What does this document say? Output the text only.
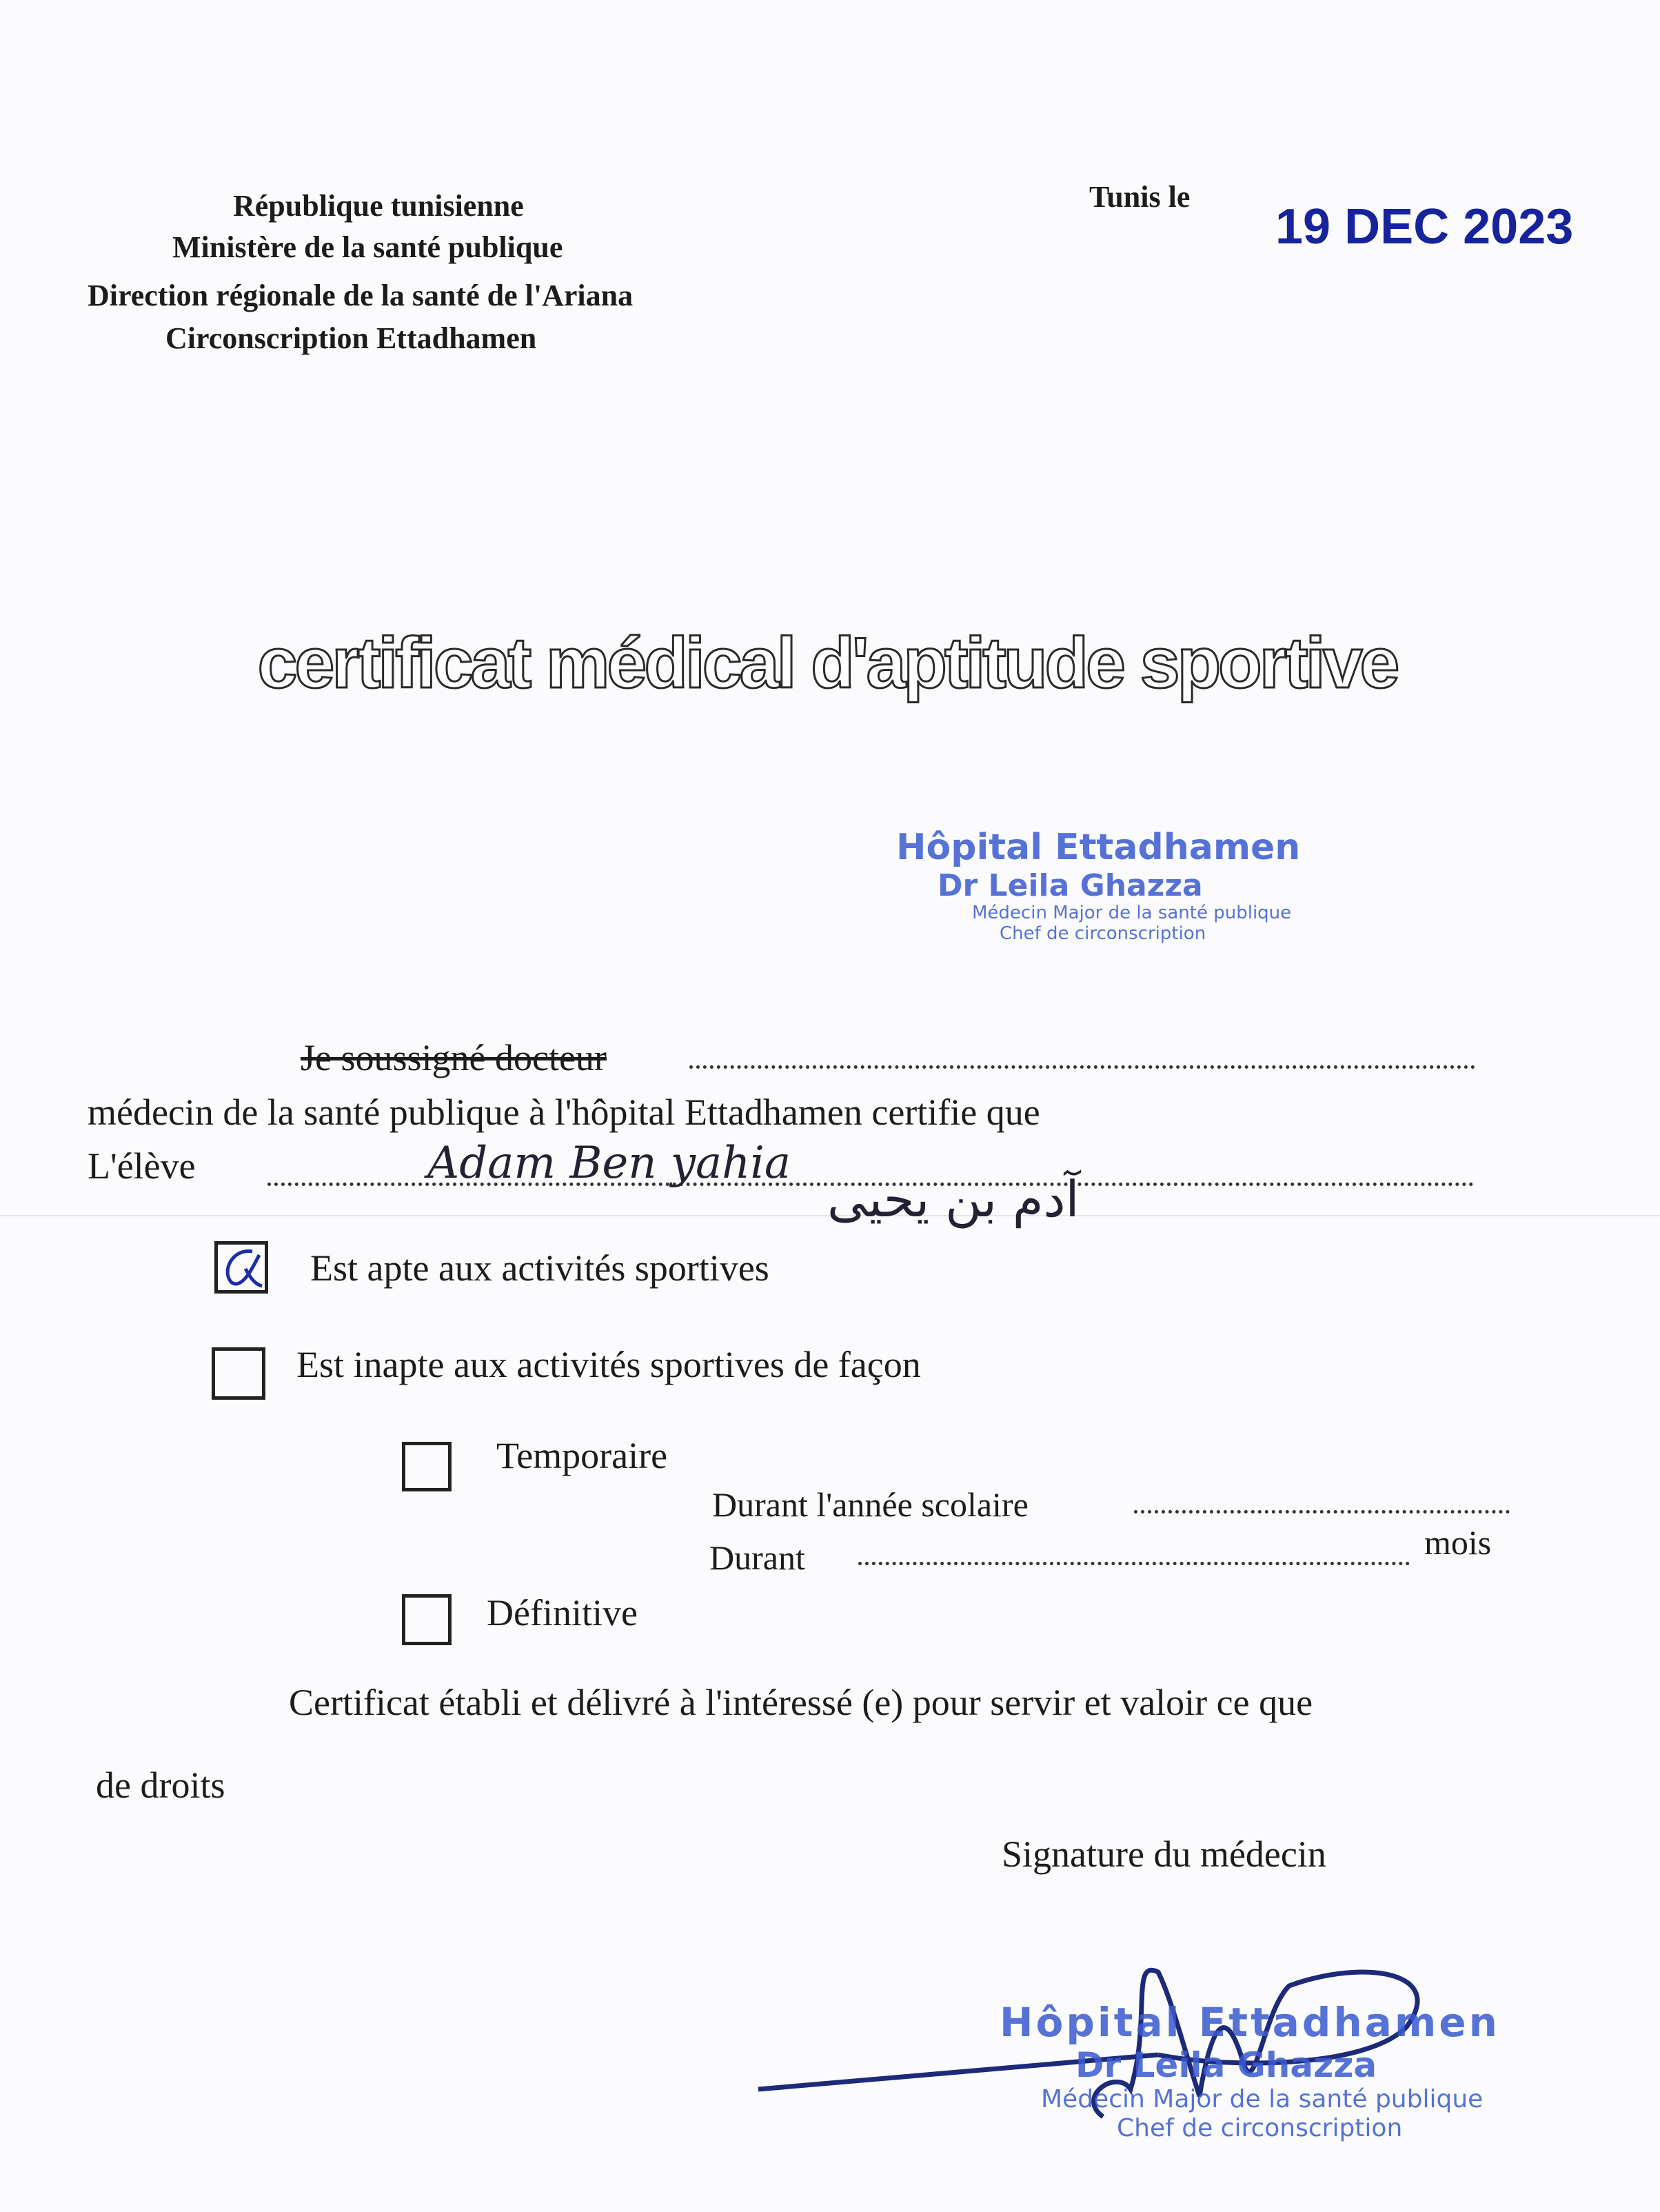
République tunisienne
Ministère de la santé publique
Direction régionale de la santé de l'Ariana
Circonscription Ettadhamen
Tunis le
19 DEC 2023
certificat médical d'aptitude sportive
Hôpital Ettadhamen
Dr Leila Ghazza
Médecin Major de la santé publique
Chef de circonscription
Je soussigné docteur
médecin de la santé publique à l'hôpital Ettadhamen certifie que
L'élève	Adam Ben yahia
آدم بن يحيى
Est apte aux activités sportives
Est inapte aux activités sportives de façon
Temporaire
Durant l'année scolaire
Durant	mois
Définitive
Certificat établi et délivré à l'intéressé (e) pour servir et valoir ce que
de droits
Signature du médecin
Hôpital Ettadhamen
Dr Leila Ghazza
Médecin Major de la santé publique
Chef de circonscription
